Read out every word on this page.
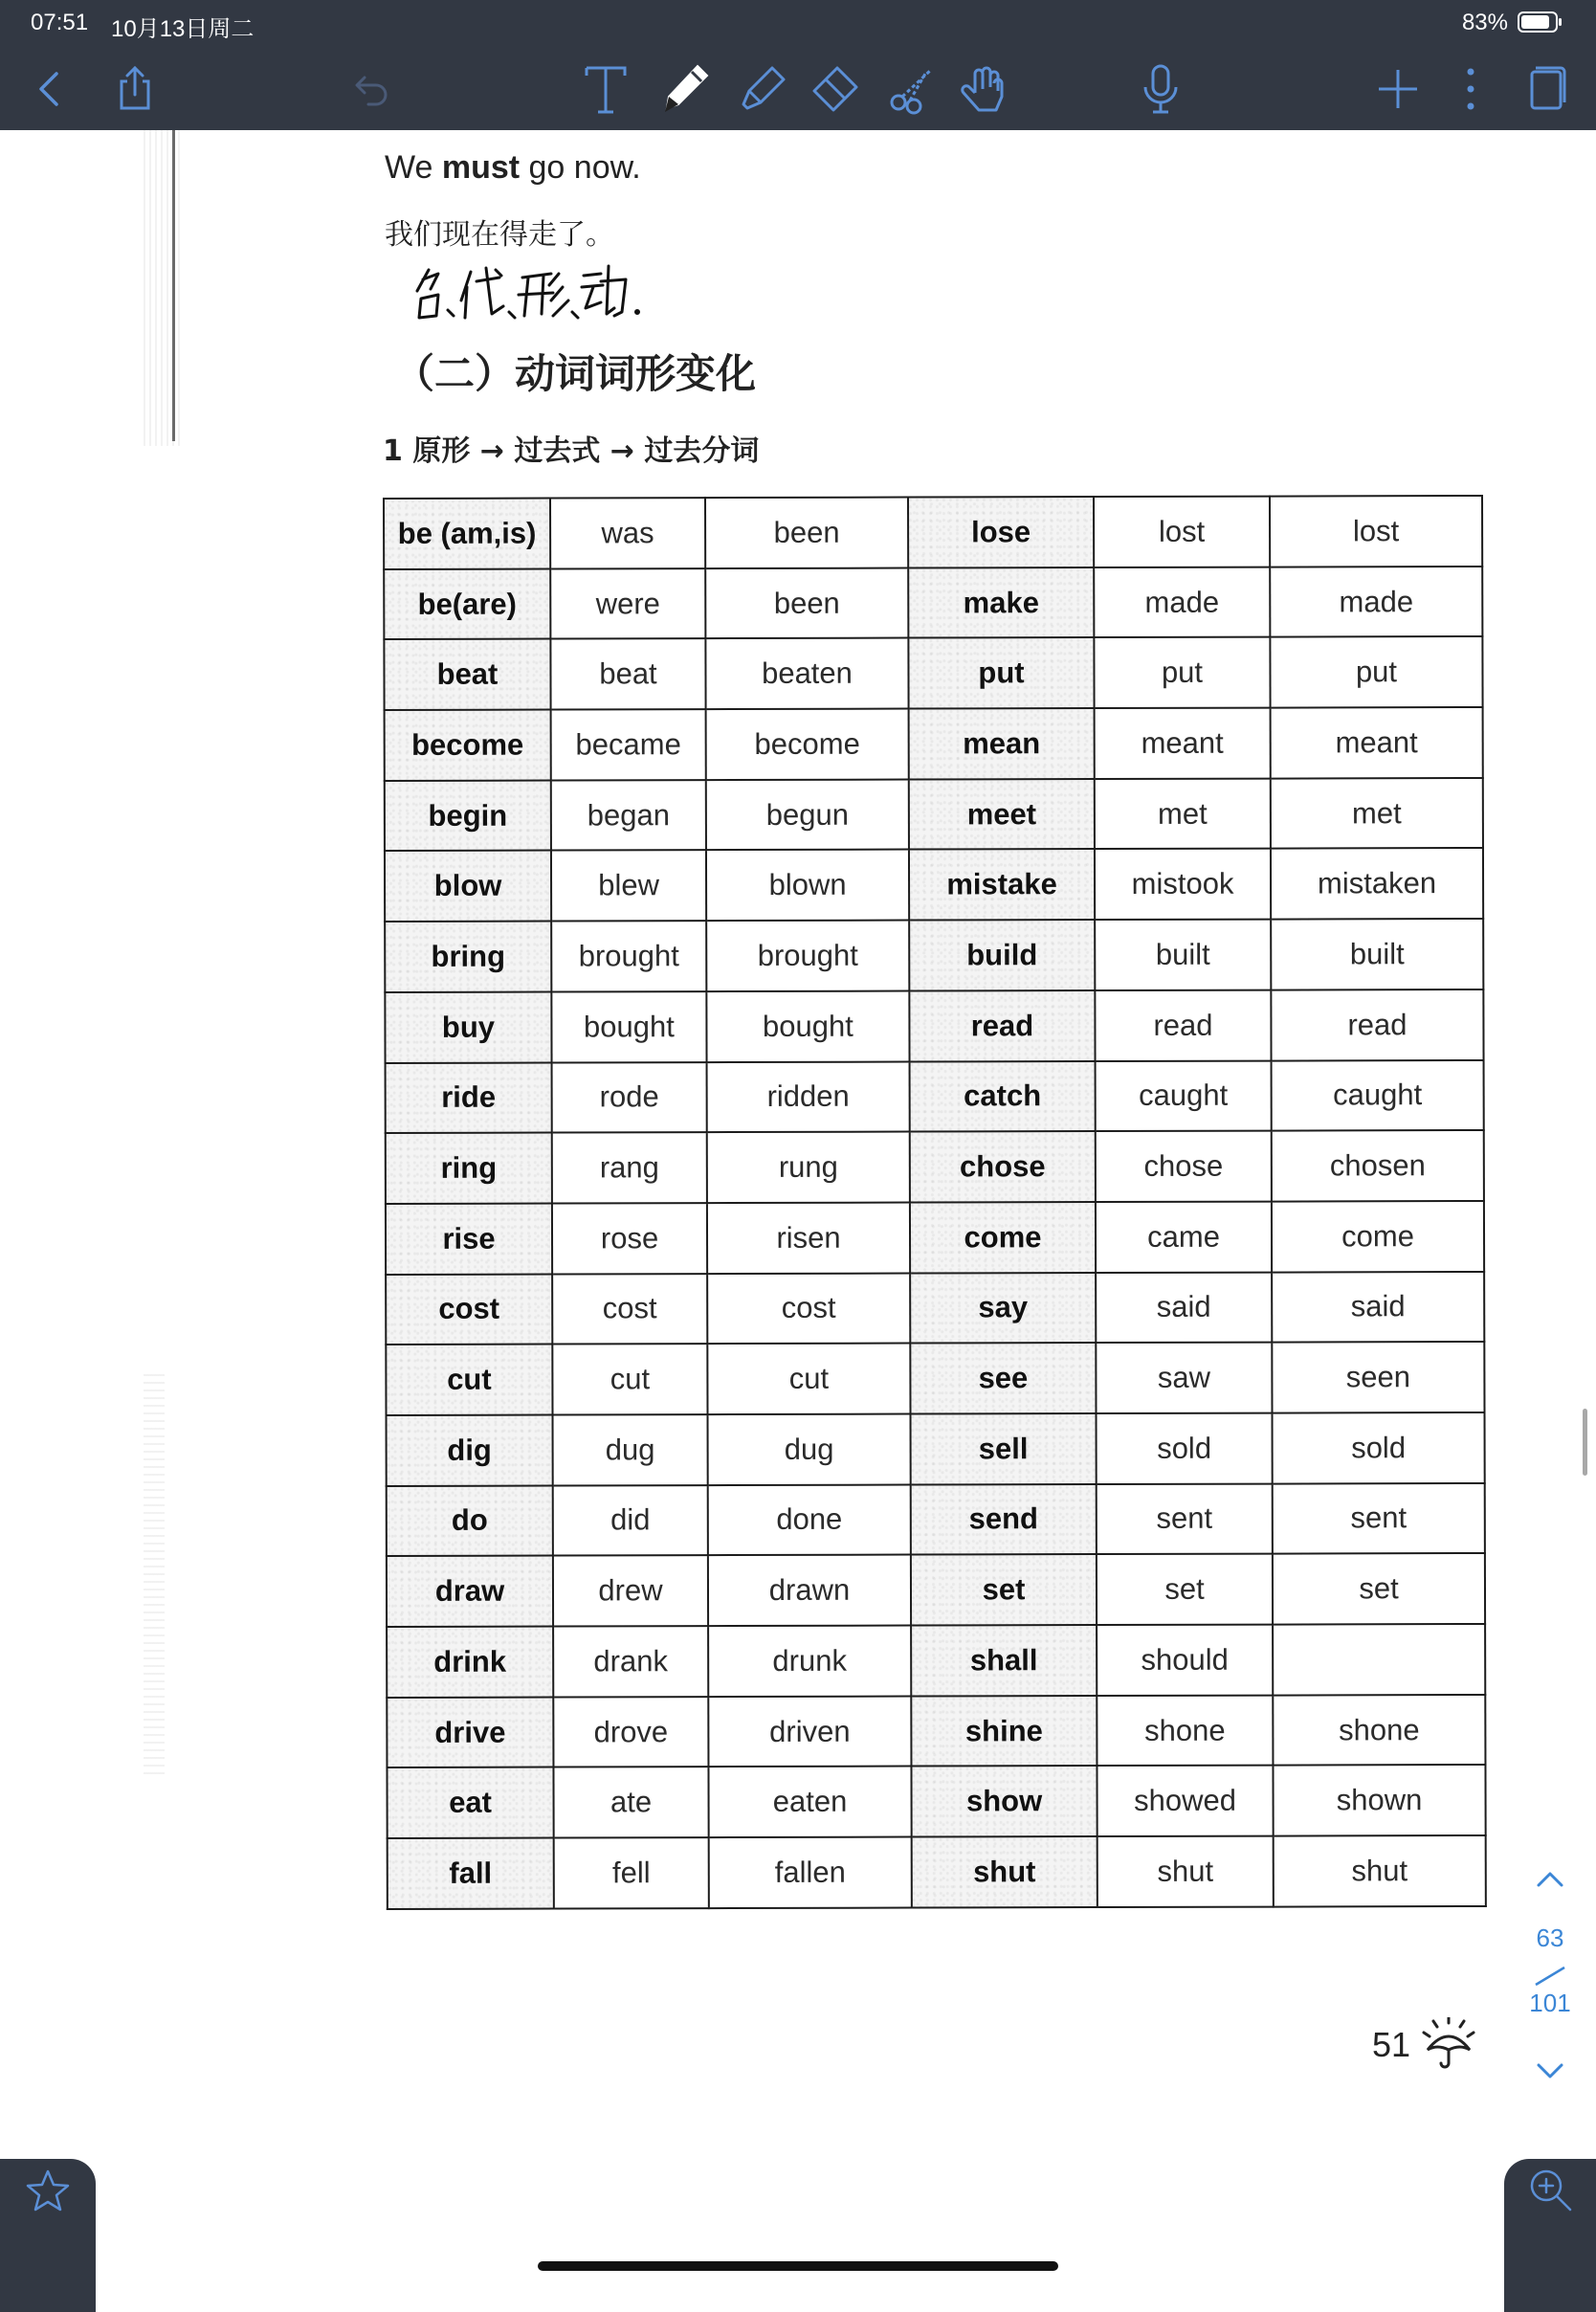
07:51 10月13日周二	83%
We must go now.
我们现在得走了。
（二）动词词形变化
1 原形 → 过去式 → 过去分词
be (am,is)	was	been	lose	lost	lost
be(are)	were	been	make	made	made
beat	beat	beaten	put	put	put
become	became	become	mean	meant	meant
begin	began	begun	meet	met	met
blow	blew	blown	mistake	mistook	mistaken
bring	brought	brought	build	built	built
buy	bought	bought	read	read	read
ride	rode	ridden	catch	caught	caught
ring	rang	rung	chose	chose	chosen
rise	rose	risen	come	came	come
cost	cost	cost	say	said	said
cut	cut	cut	see	saw	seen
dig	dug	dug	sell	sold	sold
do	did	done	send	sent	sent
draw	drew	drawn	set	set	set
drink	drank	drunk	shall	should	
drive	drove	driven	shine	shone	shone
eat	ate	eaten	show	showed	shown
fall	fell	fallen	shut	shut	shut
51
63
101
